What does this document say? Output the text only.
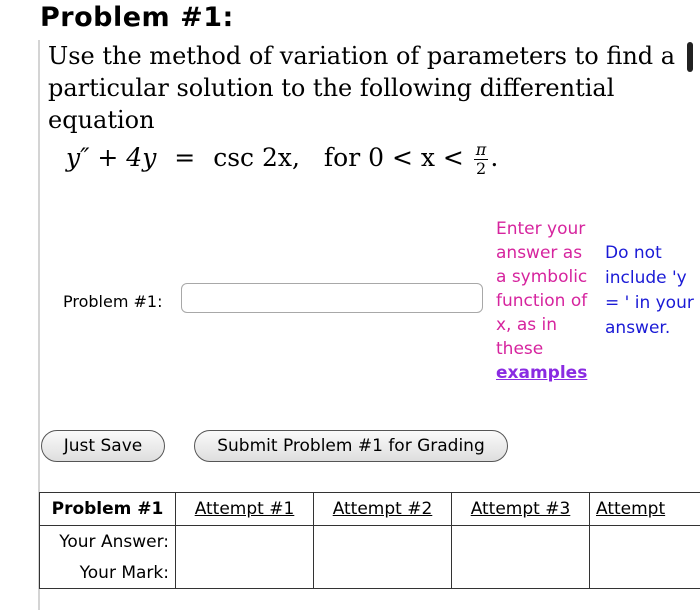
Problem #1:
Use the method of variation of parameters to find a particular solution to the following differential equation
y″ + 4y = csc 2x, for $0 < x < \frac{\pi}{2}$ .
Problem #1:
Enter your answer as a symbolic function of x, as in these examples
Do not include 'y = ' in your answer.
Just Save	Submit Problem #1 for Grading
Problem #1	Attempt #1	Attempt #2	Attempt #3	Attempt
Your Answer:				
Your Mark:				
